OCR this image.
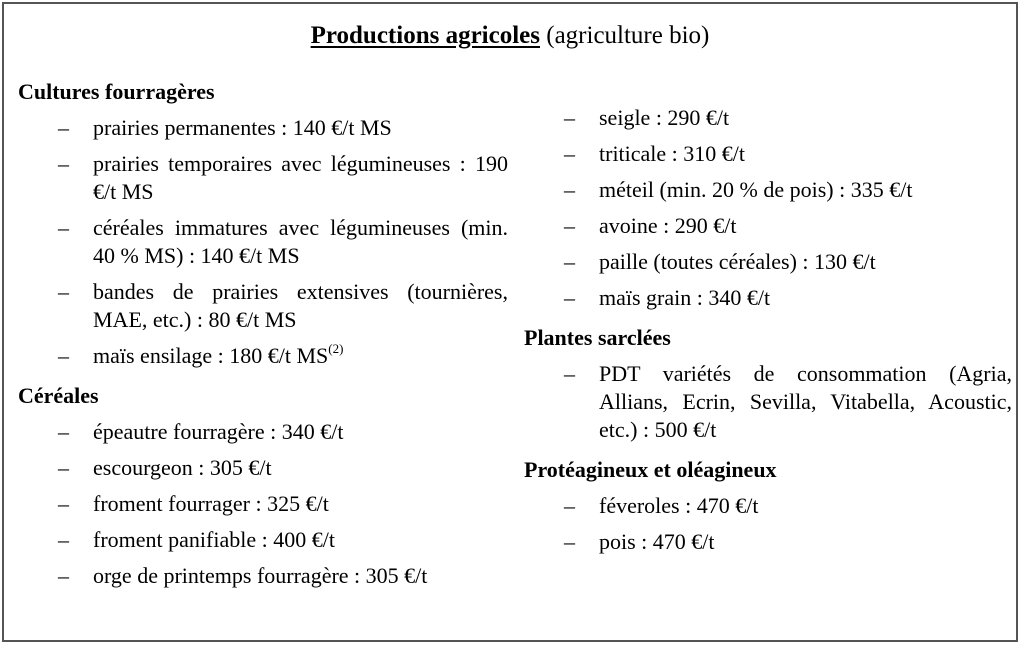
Productions agricoles (agriculture bio)
Cultures fourragères
– prairies permanentes : 140 €/t MS
– prairies temporaires avec légumineuses : 190 €/t MS
– céréales immatures avec légumineuses (min. 40 % MS) : 140 €/t MS
– bandes de prairies extensives (tournières, MAE, etc.) : 80 €/t MS
– maïs ensilage : 180 €/t MS$^{(2)}$
Céréales
– épeautre fourragère : 340 €/t
– escourgeon : 305 €/t
– froment fourrager : 325 €/t
– froment panifiable : 400 €/t
– orge de printemps fourragère : 305 €/t
– seigle : 290 €/t
– triticale : 310 €/t
– méteil (min. 20 % de pois) : 335 €/t
– avoine : 290 €/t
– paille (toutes céréales) : 130 €/t
– maïs grain : 340 €/t
Plantes sarclées
– PDT variétés de consommation (Agria, Allians, Ecrin, Sevilla, Vitabella, Acoustic, etc.) : 500 €/t
Protéagineux et oléagineux
– féveroles : 470 €/t
– pois : 470 €/t
